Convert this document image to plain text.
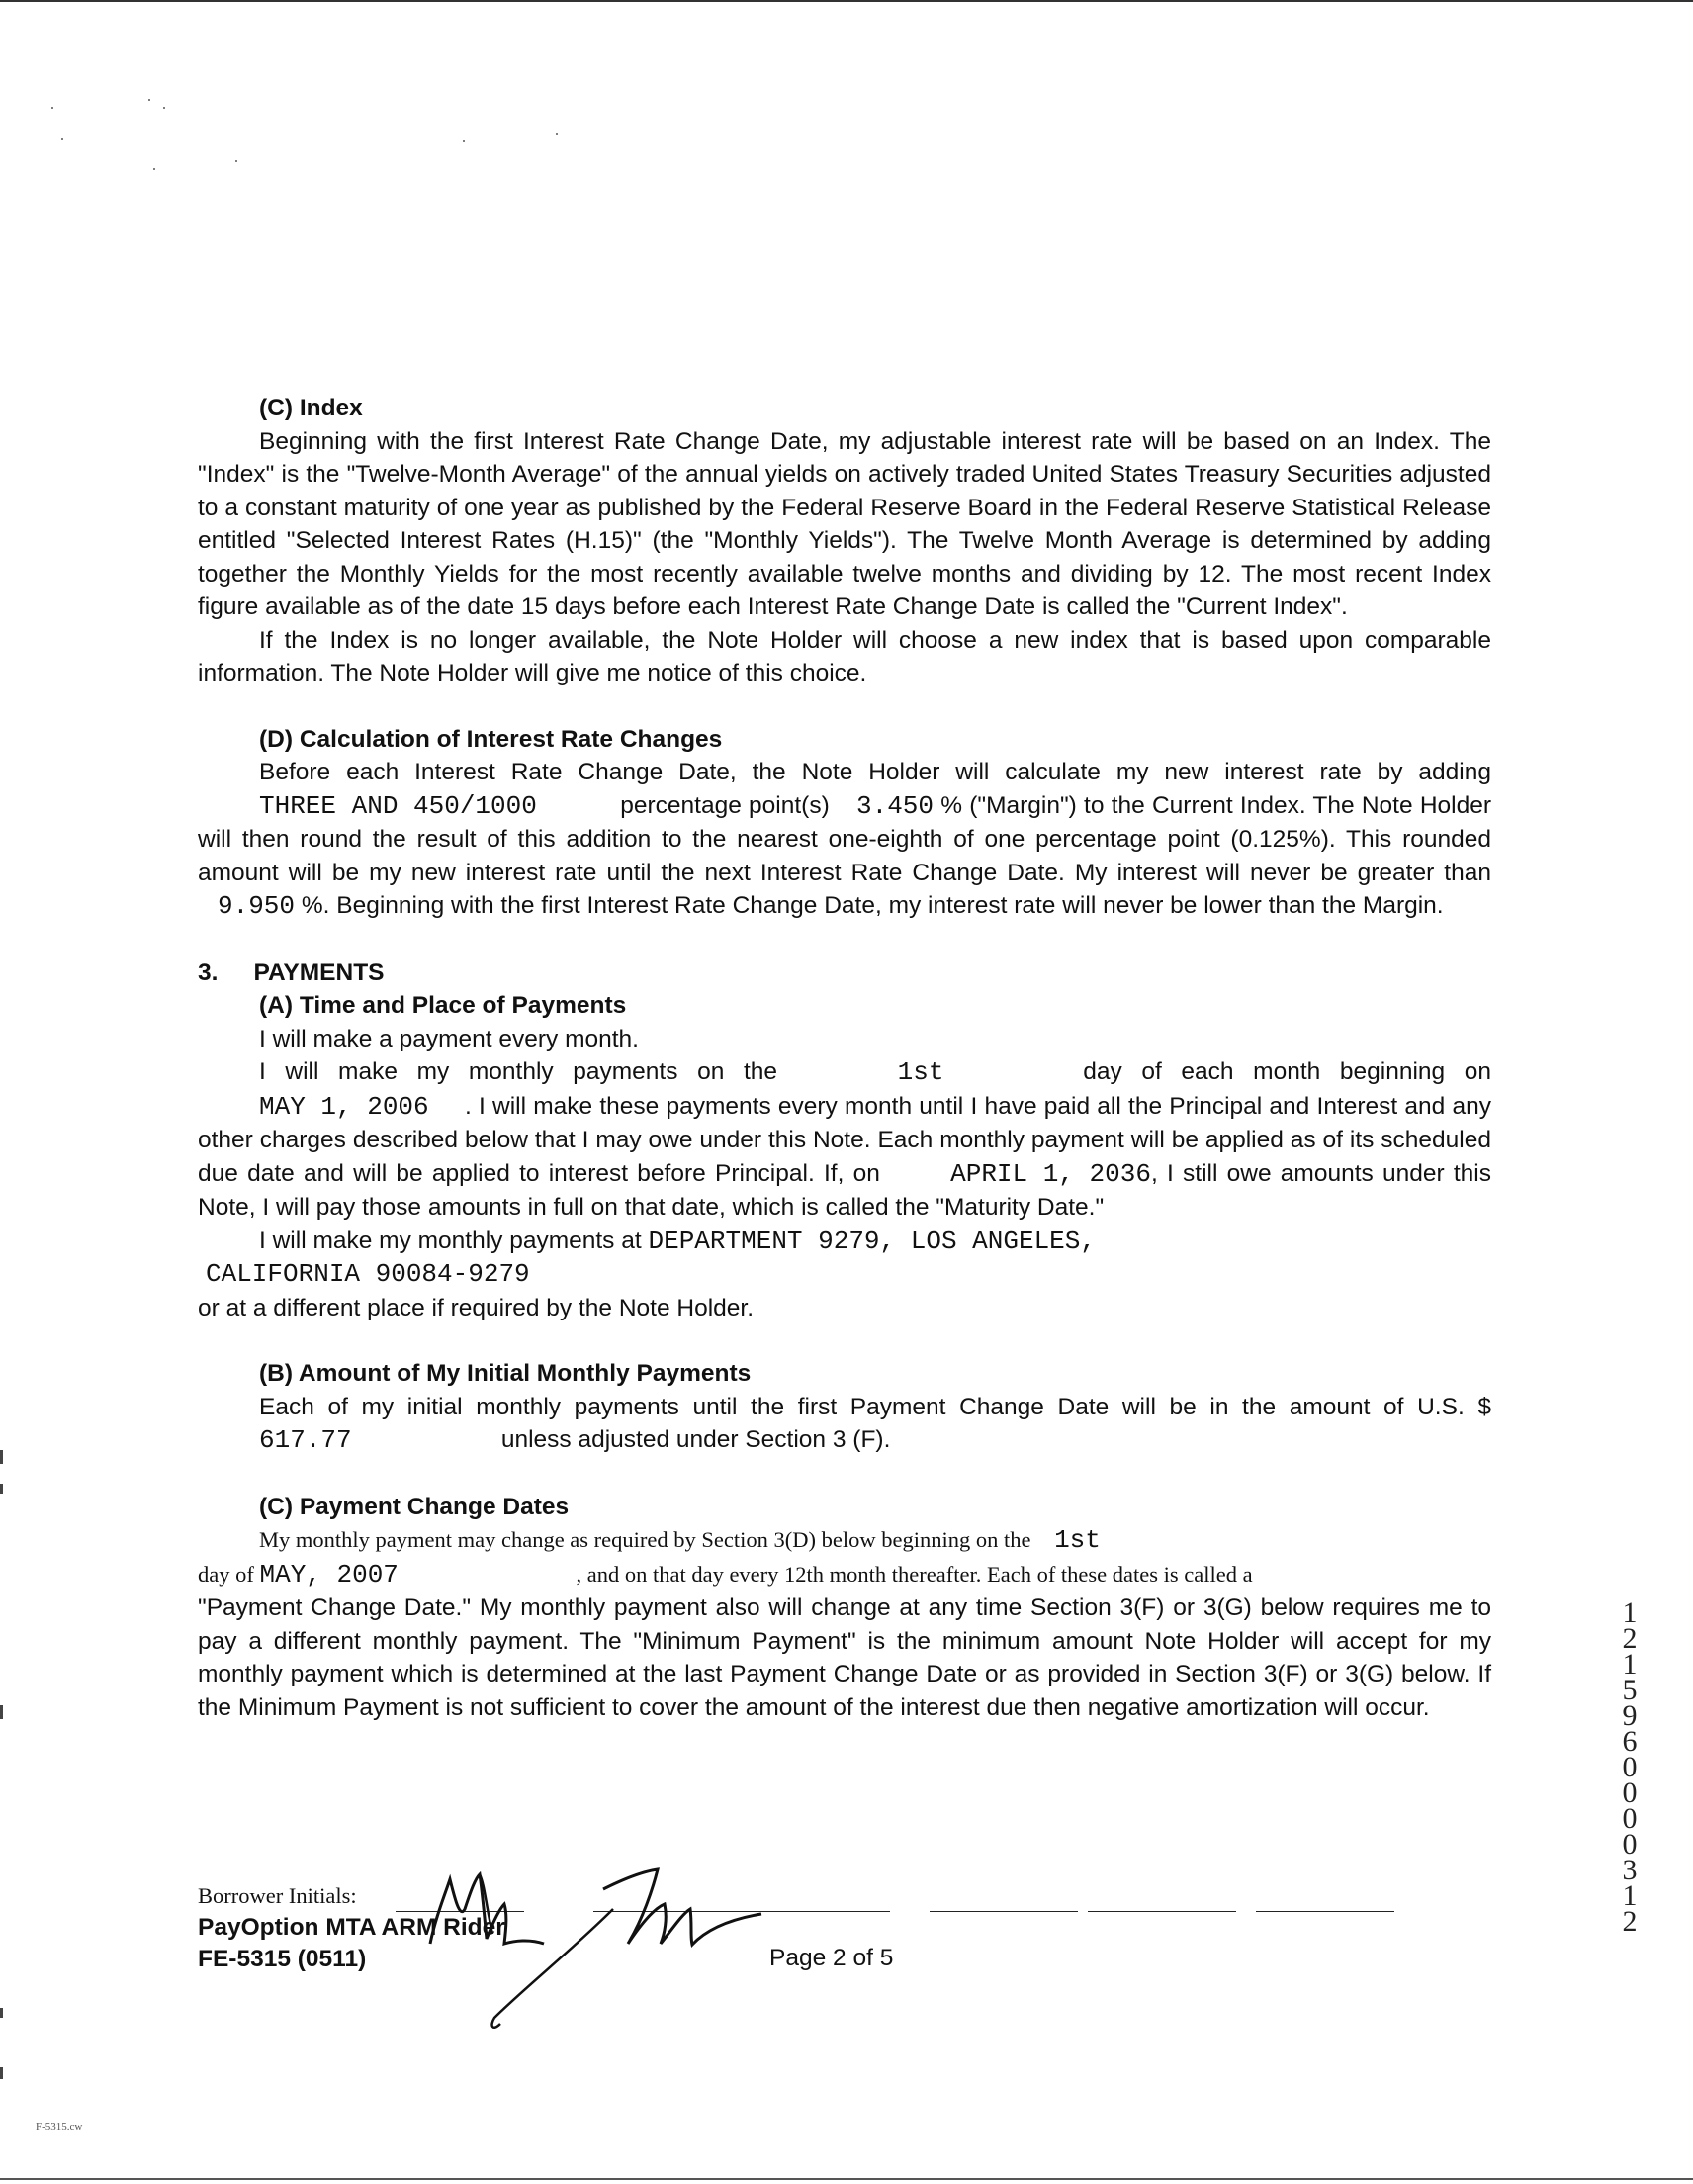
(C) Index

Beginning with the first Interest Rate Change Date, my adjustable interest rate will be based on an Index. The "Index" is the "Twelve-Month Average" of the annual yields on actively traded United States Treasury Securities adjusted to a constant maturity of one year as published by the Federal Reserve Board in the Federal Reserve Statistical Release entitled "Selected Interest Rates (H.15)" (the "Monthly Yields"). The Twelve Month Average is determined by adding together the Monthly Yields for the most recently available twelve months and dividing by 12. The most recent Index figure available as of the date 15 days before each Interest Rate Change Date is called the "Current Index".

If the Index is no longer available, the Note Holder will choose a new index that is based upon comparable information. The Note Holder will give me notice of this choice.

(D) Calculation of Interest Rate Changes

Before each Interest Rate Change Date, the Note Holder will calculate my new interest rate by adding THREE AND 450/1000	percentage point(s) 3.450 % ("Margin") to the Current Index. The Note Holder will then round the result of this addition to the nearest one-eighth of one percentage point (0.125%). This rounded amount will be my new interest rate until the next Interest Rate Change Date. My interest will never be greater than 9.950 %. Beginning with the first Interest Rate Change Date, my interest rate will never be lower than the Margin.

3. PAYMENTS

(A) Time and Place of Payments

I will make a payment every month.

I will make my monthly payments on the	1st	day of each month beginning on MAY 1, 2006 . I will make these payments every month until I have paid all the Principal and Interest and any other charges described below that I may owe under this Note. Each monthly payment will be applied as of its scheduled due date and will be applied to interest before Principal. If, on	APRIL 1, 2036, I still owe amounts under this Note, I will pay those amounts in full on that date, which is called the "Maturity Date."

I will make my monthly payments at DEPARTMENT 9279, LOS ANGELES,

CALIFORNIA 90084-9279

or at a different place if required by the Note Holder.

(B) Amount of My Initial Monthly Payments

Each of my initial monthly payments until the first Payment Change Date will be in the amount of U.S. $ 617.77	unless adjusted under Section 3 (F).

(C) Payment Change Dates

My monthly payment may change as required by Section 3(D) below beginning on the 1st

day of MAY, 2007	, and on that day every 12th month thereafter. Each of these dates is called a

"Payment Change Date." My monthly payment also will change at any time Section 3(F) or 3(G) below requires me to pay a different monthly payment. The "Minimum Payment" is the minimum amount Note Holder will accept for my monthly payment which is determined at the last Payment Change Date or as provided in Section 3(F) or 3(G) below. If the Minimum Payment is not sufficient to cover the amount of the interest due then negative amortization will occur.

1
2
1
5
9
6
0
0
0
0
3
1
2
Borrower Initials:
PayOption MTA ARM Rider
FE-5315 (0511)	Page 2 of 5
F-5315.cw
